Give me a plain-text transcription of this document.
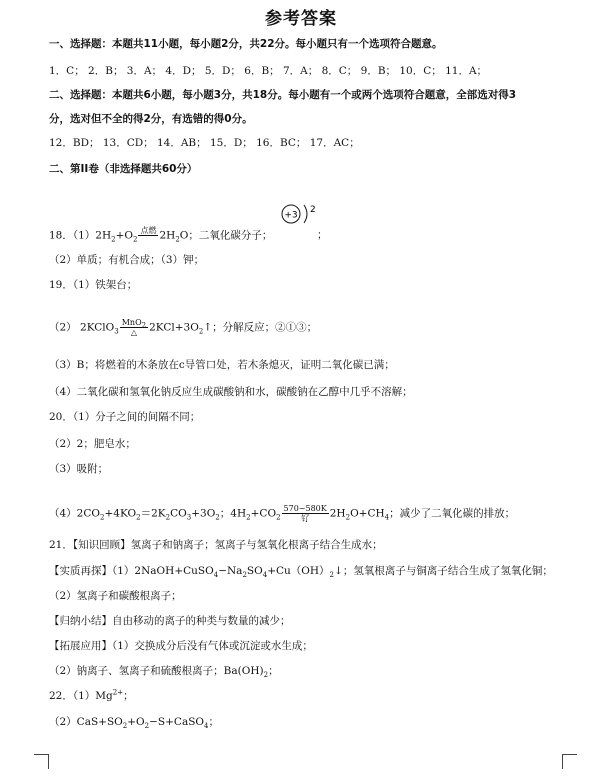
参考答案
一、选择题：本题共11小题，每小题2分，共22分。每小题只有一个选项符合题意。
1．C； 2．B； 3．A； 4．D； 5．D； 6．B； 7．A； 8．C； 9．B； 10．C； 11．A；
二、选择题：本题共6小题，每小题3分，共18分。每小题有一个或两个选项符合题意，全部选对得3
分，选对但不全的得2分，有选错的得0分。
12．BD； 13．CD； 14．AB； 15．D； 16．BC； 17．AC；
二、第II卷（非选择题共60分）
18．$(1)2H_2+O_2$
点燃
$2H_2O$；二氧化碳分子；
+3
2
；
（2）单质；有机合成；（3）钾；
19．（1）铁架台；
（2） 2KClO$_3$ $\frac{MnO_2}{\triangle}$ $2KCl+3O_2↑$；分解反应；②①③；
（3）B；将燃着的木条放在c导管口处，若木条熄灭，证明二氧化碳已满；
（4）二氧化碳和氢氧化钠反应生成碳酸钠和水，碳酸钠在乙醇中几乎不溶解；
20．（1）分子之间的间隔不同；
（2）2；肥皂水；
（3）吸附；
$(4)2CO_2+4KO_2=2K_2CO_3+3O_2$；$4H_2+CO_2 \frac{570\sim 580K}{\text{钌}} 2H_2O+CH_4$；减少了二氧化碳的排放；
21．【知识回顾】氢离子和钠离子；氢离子与氢氧化根离子结合生成水；
【实质再探】$(1)2NaOH+CuSO_4-Na_2SO_4+Cu(OH)_2↓$；氢氧根离子与铜离子结合生成了氢氧化铜；
（2）氢离子和碳酸根离子；
【归纳小结】自由移动的离子的种类与数量的减少；
【拓展应用】（1）交换成分后没有气体或沉淀或水生成；
（2）钠离子、氢离子和硫酸根离子；$Ba(OH)_2$；
22．$(1)Mg^{2+}$；
$(2)CaS+SO_2+O_2-S+CaSO_4$；
